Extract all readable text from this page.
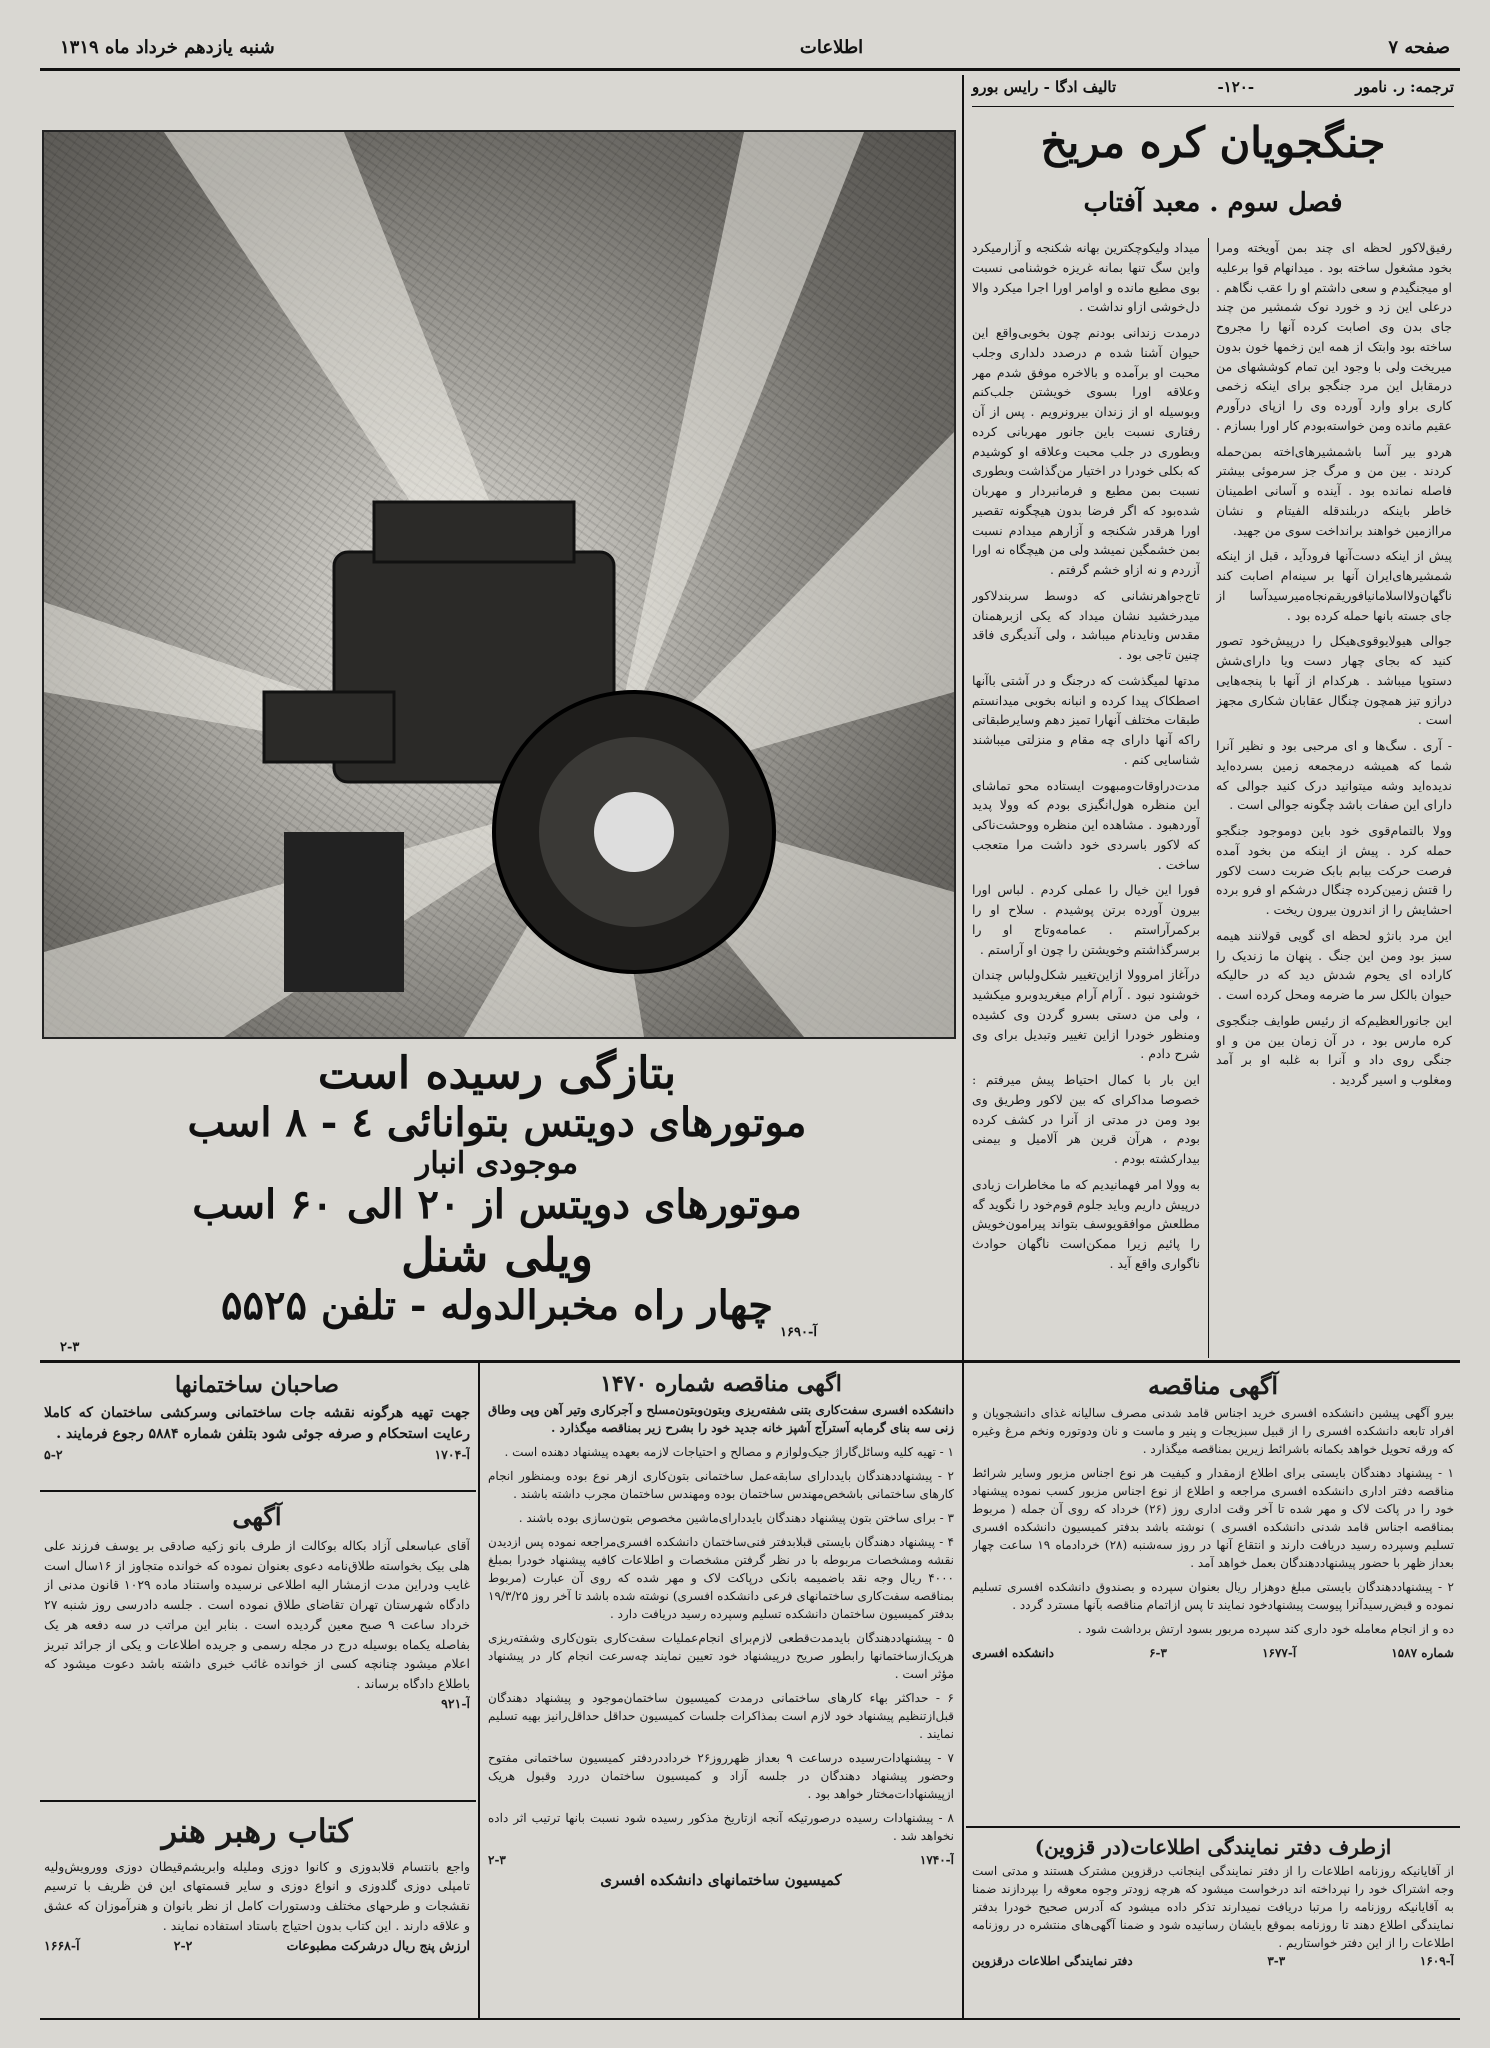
صفحه ۷
اطلاعات
شنبه یازدهم خرداد ماه ۱۳۱۹
ترجمه: ر. نامور
-۱۲۰-
تالیف ادگا - رایس بورو
جنگجویان کره مریخ
فصل سوم . معبد آفتاب

رفیق‌لاکور لحظه ای چند بمن آویخته ومرا بخود مشغول ساخته بود . میدانهام قوا برعلیه او میجنگیدم و سعی داشتم او را عقب نگاهم . درعلی این زد و خورد نوک شمشیر من چند جای بدن وی اصابت کرده آنها را مجروح ساخته بود وابتک از همه این زخمها خون بدون میریخت ولی با وجود این تمام کوششهای من درمقابل این مرد جنگجو برای اینکه زخمی کاری براو وارد آورده وی را ازپای درآورم عقیم مانده ومن خواسته‌بودم کار اورا بسازم .

هردو بیر آسا باشمشیرهای‌اخته بمن‌حمله کردند . بین من و مرگ جز سرموئی بیشتر فاصله نمانده بود . آینده و آسانی اطمینان خاطر باینکه دربلندقله الفیتام و نشان مراازمین خواهند برانداخت سوی من جهید.

پیش از اینکه دست‌آنها فرودآید ، قبل از اینکه شمشیرهای‌ایران آنها بر سینه‌ام اصابت کند ناگهان‌ولااسلامانیافوریقم‌نجاه‌میرسیدآسا از جای جسته بانها حمله کرده بود .

جوالی هیولایوقوی‌هیکل را درپیش‌خود تصور کنید که بجای چهار دست ویا دارای‌شش دستوپا میباشد . هرکدام از آنها با پنجه‌هایی درازو تیز همچون چنگال عقابان شکاری مجهز است .

- آری . سگ‌ها و ای مرحبی بود و نظیر آنرا شما که همیشه درمجمعه زمین بسرده‌اید ندیده‌اید وشه میتوانید درک کنید جوالی که دارای این صفات باشد چگونه جوالی است .

وولا بالتمام‌قوی خود باین دوموجود جنگجو حمله کرد . پیش از اینکه من بخود آمده فرصت حرکت بیابم بابک ضربت دست لاکور را قتش زمین‌کرده چنگال درشکم او فرو برده احشایش را از اندرون بیرون ریخت .

این مرد بانژو لحظه ای گویی قولانند هیمه سبز بود ومن این جنگ . پنهان ما زندیک را کاراده ای یحوم شدش دید که در حالیکه حیوان بالکل سر ما ضرمه ومحل کرده است .

این جانورالعظیم‌که از رئیس طوایف جنگجوی کره مارس بود ، در آن زمان بین من و او جنگی روی داد و آنرا به غلبه او بر آمد ومغلوب و اسیر گردید .

میداد ولیکوچکترین بهانه شکنجه و آزارمیکرد واین سگ تنها بمانه غریزه خوشنامی نسبت بوی مطیع مانده و اوامر اورا اجرا میکرد والا دل‌خوشی ازاو نداشت .

درمدت زندانی بودنم چون بخوبی‌واقع این حیوان آشنا شده م درصدد دلداری وجلب محبت او برآمده و بالاخره موفق شدم مهر وعلاقه اورا بسوی خویشتن جلب‌کنم وبوسیله او از زندان بیرونرویم . پس از آن رفتاری نسبت باین جانور مهربانی کرده وبطوری در جلب محبت وعلاقه او کوشیدم که بکلی خودرا در اختیار من‌گذاشت وبطوری نسبت بمن مطیع و فرمانبردار و مهربان شده‌بود که اگر فرضا بدون هیچگونه تقصیر اورا هرقدر شکنجه و آزارهم میدادم نسبت بمن خشمگین نمیشد ولی من هیچگاه نه اورا آزردم و نه ازاو خشم گرفتم .

تاج‌جواهرنشانی که دوسط سربندلاکور میدرخشید نشان میداد که یکی ازبرهمنان مقدس ونایدنام میباشد ، ولی آندیگری فاقد چنین تاجی بود .

مدتها لمیگذشت که درجنگ و در آشتی باآنها اصطکاک پیدا کرده و انبانه بخوبی میدانستم طبقات مختلف آنهارا تمیز دهم وسایرطبقاتی راکه آنها دارای چه مقام و منزلتی میباشند شناسایی کنم .

مدت‌دراوقات‌ومبهوت ایستاده محو تماشای این منظره هول‌انگیزی بودم که وولا پدید آوردهبود . مشاهده این منظره ووحشت‌ناکی که لاکور باسردی خود داشت مرا متعجب ساخت .

فورا این خیال را عملی کردم . لباس اورا بیرون آورده برتن پوشیدم . سلاح او را برکمرآراستم . عمامه‌وتاج او را برسرگذاشتم وخویشتن را چون او آراستم .

درآغاز امروولا ازاین‌تغییر شکل‌ولباس چندان خوشنود نبود . آرام آرام میغریدوبرو میکشید ، ولی من دستی بسرو گردن وی کشیده ومنظور خودرا ازاین‌ تغییر وتبدیل برای وی شرح دادم .

این بار با کمال احتیاط پیش میرفتم : خصوصا مداکرای که بین لاکور وطریق وی بود ومن در مدتی از آنرا در کشف کرده بودم ، هرآن قرین هر آلامیل و بیمنی بیدارکشته بودم .

به وولا امر فهمانیدیم که ما مخاطرات زیادی درپیش داریم وباید جلوم قوم‌خود را نگوید گه مطلعش موافقویوسف بتواند پیرامون‌خویش را پائیم زیرا ممکن‌است ناگهان حوادث ناگواری واقع آید .

بتازگی رسیده است
موتورهای دویتس بتوانائی ٤ - ٨ اسب
موجودی انبار
موتورهای دویتس از ۲۰ الی ۶۰ اسب
ویلی شنل
چهار راه مخبرالدوله - تلفن ۵۵۲۵
۲-۳
آ-۱۶۹۰
صاحبان ساختمانها
جهت تهیه هرگونه نقشه جات ساختمانی وسرکشی ساختمان که کاملا رعایت استحکام و صرفه جوئی شود بتلفن شماره ۵۸۸۴ رجوع فرمایند .
آ-۱۷۰۴
۵-۲
آگهی
آقای عباسعلی آزاد بکاله بوکالت از طرف بانو زکیه صادقی بر یوسف فرزند علی هلی بیک بخواسته طلاق‌نامه دعوی بعنوان نموده که خوانده متجاوز از ۱۶سال است غایب ودراین مدت ازمشار الیه اطلاعی نرسیده واستناد ماده ۱۰۲۹ قانون مدنی از دادگاه شهرستان تهران تقاضای طلاق نموده است . جلسه دادرسی روز شنبه ۲۷ خرداد ساعت ۹ صبح معین گردیده است . بنابر این مراتب در سه دفعه هر یک بفاصله یکماه بوسیله درج در مجله رسمی و جریده اطلاعات و یکی از جرائد تبریز اعلام میشود چنانچه کسی از خوانده غائب خبری داشته باشد دعوت میشود که باطلاع دادگاه برساند .
آ-۹۲۱
کتاب رهبر هنر
واجع بانتسام قلابدوزی و کانوا دوزی ومليله وابريشم‌قيطان دوزی وورويش‌وليه تامپلی دوزی گلدوزی و انواع دوزی و سایر قسمتهای این فن ظریف با ترسیم نقشجات و طرحهای مختلف ودستورات کامل از نظر بانوان و هنرآموزان که عشق و علاقه دارند . این کتاب بدون احتیاج باستاد استفاده نمایند .
ارزش پنج ریال درشرکت مطبوعات
۲-۲
آ-۱۶۶۸
اگهی مناقصه شماره ۱۴۷۰

دانشکده افسری سفت‌کاری بتنی شفته‌ریزی وبتون‌وبتون‌مسلح و آجرکاری وتیر آهن وپی وطاق زنی سه بنای گرمابه آسترآج آشپز خانه جدید خود را بشرح زیر بمناقصه میگذارد .

۱ - تهیه کلیه وسائل‌گاراژ جیک‌ولوازم و مصالح و احتیاجات لازمه بعهده پیشنهاد دهنده است .

۲ - پیشنهاددهندگان بایددارای سابقه‌عمل ساختمانی بتون‌کاری ازهر نوع بوده وبمنظور انجام کارهای ساختمانی باشخص‌مهندس ساختمان بوده ومهندس ساختمان مجرب داشته باشند .

۳ - برای ساختن بتون پیشنهاد دهندگان بایدداراى‌ماشين مخصوص بتون‌سازى بوده باشند .

۴ - پیشنهاد دهندگان بایستی قبلابدفتر فنی‌ساختمان دانشکده افسری‌مراجعه نموده پس ازدیدن نقشه ومشخصات مربوطه با در نظر گرفتن مشخصات و اطلاعات کافیه پیشنهاد خودرا بمبلغ ۴۰۰۰ ریال وجه نقد باضمیمه بانکی درپاکت لاک و مهر شده که روی آن عبارت (مربوط بمناقصه سفت‌کاری ساختمانهای فرعی دانشکده افسری) نوشته شده باشد تا آخر روز ۱۹/۳/۲۵ بدفتر کمیسیون ساختمان دانشکده تسلیم وسپرده رسید دریافت دارد .

۵ - پیشنهاددهندگان بایدمدت‌قطعی لازم‌برای انجام‌عملیات سفت‌کاری بتون‌کاری وشفته‌ریزی هریک‌ازساختمانها رابطور صریح درپیشنهاد خود تعیین نمایند چه‌سرعت انجام کار در پیشنهاد مؤثر است .

۶ - حداکثر بهاء کارهای ساختمانی درمدت کمیسیون ساختمان‌موجود و پیشنهاد دهندگان قبل‌ازتنظیم پیشنهاد خود لازم است بمذاکرات جلسات کمیسیون حداقل حداقل‌رانیز بهیه تسلیم نمایند .

۷ - پیشنهادات‌رسیده درساعت ۹ بعداز ظهرروز۲۶ خرداددردفتر کمیسیون ساختمانی مفتوح وحضور پیشنهاد دهندگان در جلسه آزاد و کمیسیون ساختمان دررد وقبول هریک ازپیشنهادات‌مختار خواهد بود .

۸ - پیشنهادات رسیده درصورتیکه آنجه‌ ازتاریخ مذکور رسیده شود نسبت بانها ترتیب اثر داده نخواهد شد .

آ-۱۷۴۰
۲-۳
کمیسیون ساختمانهای دانشکده افسری
آگهی مناقصه

بیرو آگهی پیشین دانشکده افسری خرید اجناس قامد شدنی مصرف ساليانه غذای دانشجويان و افراد تابعه دانشکده افسری را از قبيل سبزيجات و پنير و ماست و نان ودوتوره ونخم مرغ وغیره که ورقه تحويل خواهد بكمانه باشرائط زيرين بمناقصه ميگذارد .

۱ - پيشنهاد دهندگان بايستى براى اطلاع ازمقدار و كیفیت هر نوع اجناس مزبور وساير شرائط مناقصه دفتر اداری دانشکده افسری مراجعه و اطلاع از نوع اجناس مزبور کسب نموده پیشنهاد خود را در پاکت لاک و مهر شده تا آخر وقت اداری روز (۲۶) خرداد که روی آن جمله ( مربوط بمناقصه اجناس قامد شدنی دانشکده افسری ) نوشته باشد بدفتر کمیسیون دانشکده افسری تسلیم وسپرده رسید دریافت دارند و انتقاع آنها در روز سه‌شنبه (۲۸) خردادماه ۱۹ ساعت چهار بعداز ظهر با حضور پیشنهاددهندگان بعمل خواهد آمد .

۲ - پيشنهاددهندگان بايستى مبلغ دوهزار ريال بعنوان سپرده و بصندوق دانشکده افسری تسلیم نموده و قبض‌رسيدآنرا پيوست پيشنهادخود نمايند تا پس ازاتمام مناقصه بآنها مسترد گردد .

ده و از انجام معامله خود داری کند سپرده مربور بسود ارتش برداشت شود .

شماره ۱۵۸۷
آ-۱۶۷۷
۶-۳
دانشکده افسری
ازطرف دفتر نمایندگی اطلاعات(در قزوین)
از آقایانیکه روزنامه اطلاعات را از دفتر نمایندگی اینجانب درقزوین مشترک هستند و مدتی است وجه اشتراک خود را نپرداخته اند درخواست میشود که هرچه زودتر وجوه معوقه را بپردازند ضمنا به آقایانیکه روزنامه را مرتبا دریافت نمیدارند تذکر داده میشود که آدرس صحیح خودرا بدفتر نمایندگی اطلاع دهند تا روزنامه بموقع بایشان رسانیده شود و ضمنا آگهی‌های منتشره در روزنامه اطلاعات را از این دفتر خواستاریم .
آ-۱۶۰۹
۳-۳
دفتر نمایندگی اطلاعات درقزوین
